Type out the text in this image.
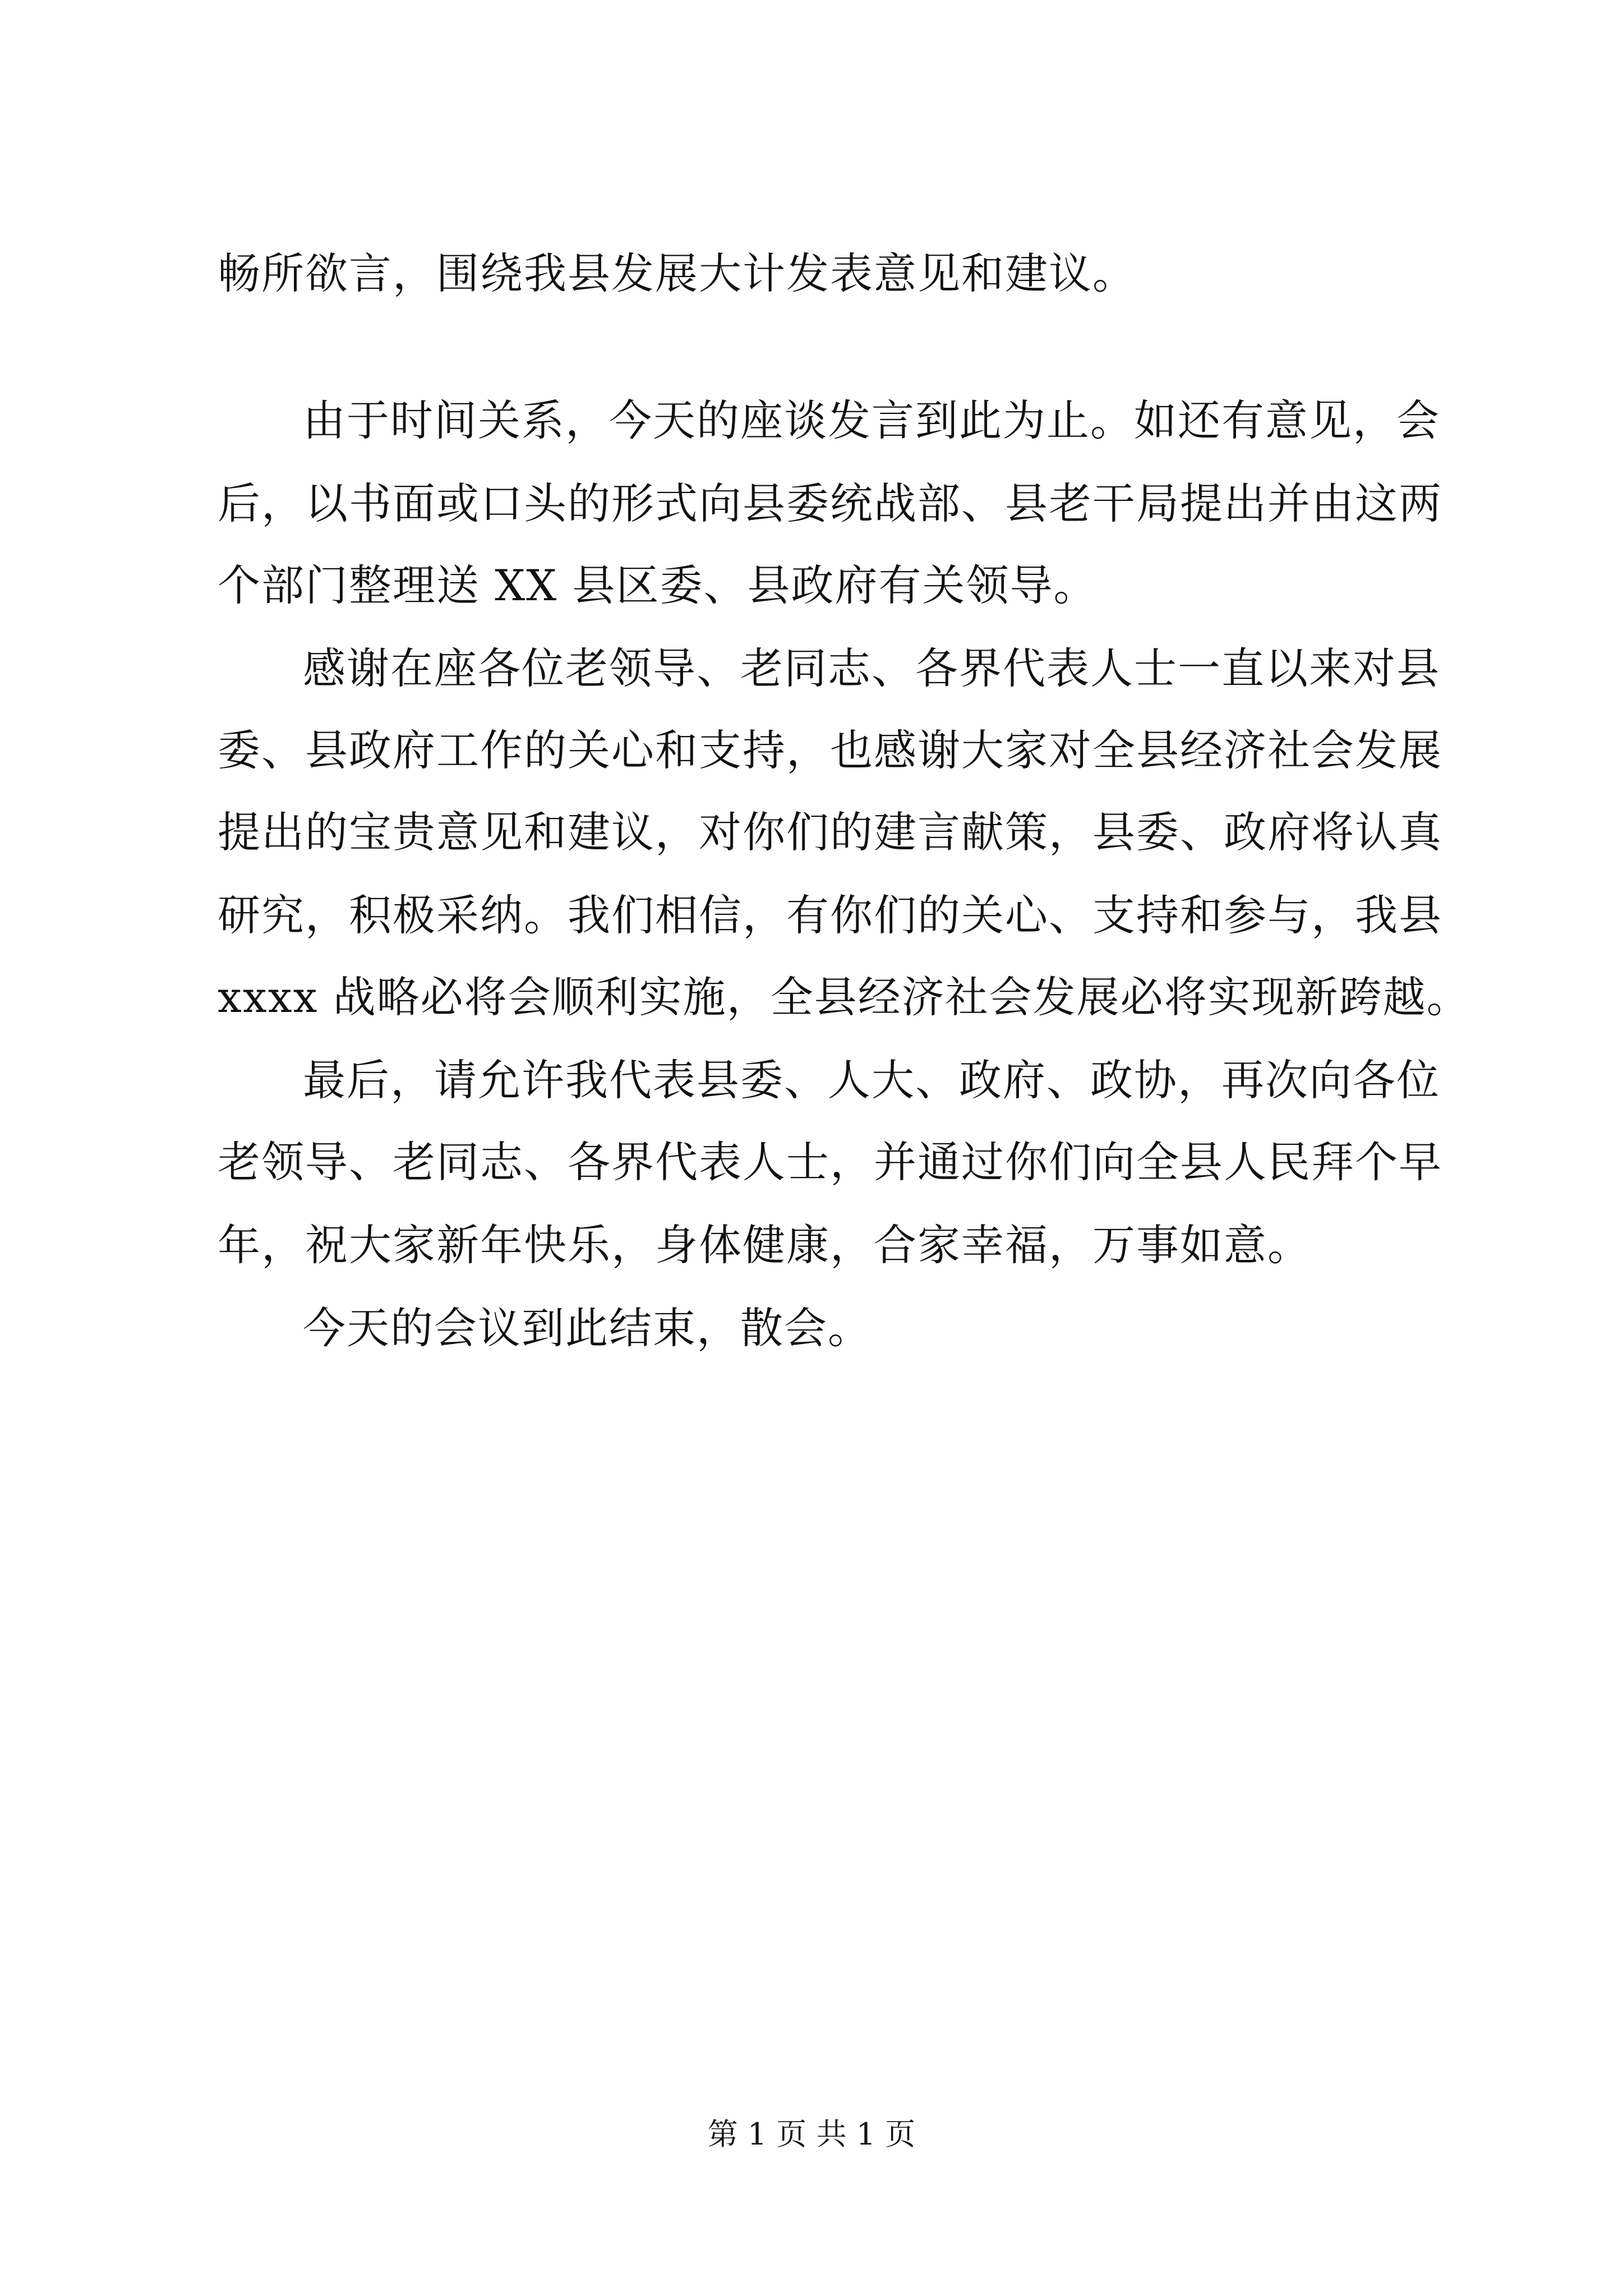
畅所欲言，围绕我县发展大计发表意见和建议。
由于时间关系，今天的座谈发言到此为止。如还有意见，会
后，以书面或口头的形式向县委统战部、县老干局提出并由这两
个部门整理送 XX 县区委、县政府有关领导。
感谢在座各位老领导、老同志、各界代表人士一直以来对县
委、县政府工作的关心和支持，也感谢大家对全县经济社会发展
提出的宝贵意见和建议，对你们的建言献策，县委、政府将认真
研究，积极采纳。我们相信，有你们的关心、支持和参与，我县
xxxx 战略必将会顺利实施，全县经济社会发展必将实现新跨越。
最后，请允许我代表县委、人大、政府、政协，再次向各位
老领导、老同志、各界代表人士，并通过你们向全县人民拜个早
年，祝大家新年快乐，身体健康，合家幸福，万事如意。
今天的会议到此结束，散会。
第 1 页 共 1 页
